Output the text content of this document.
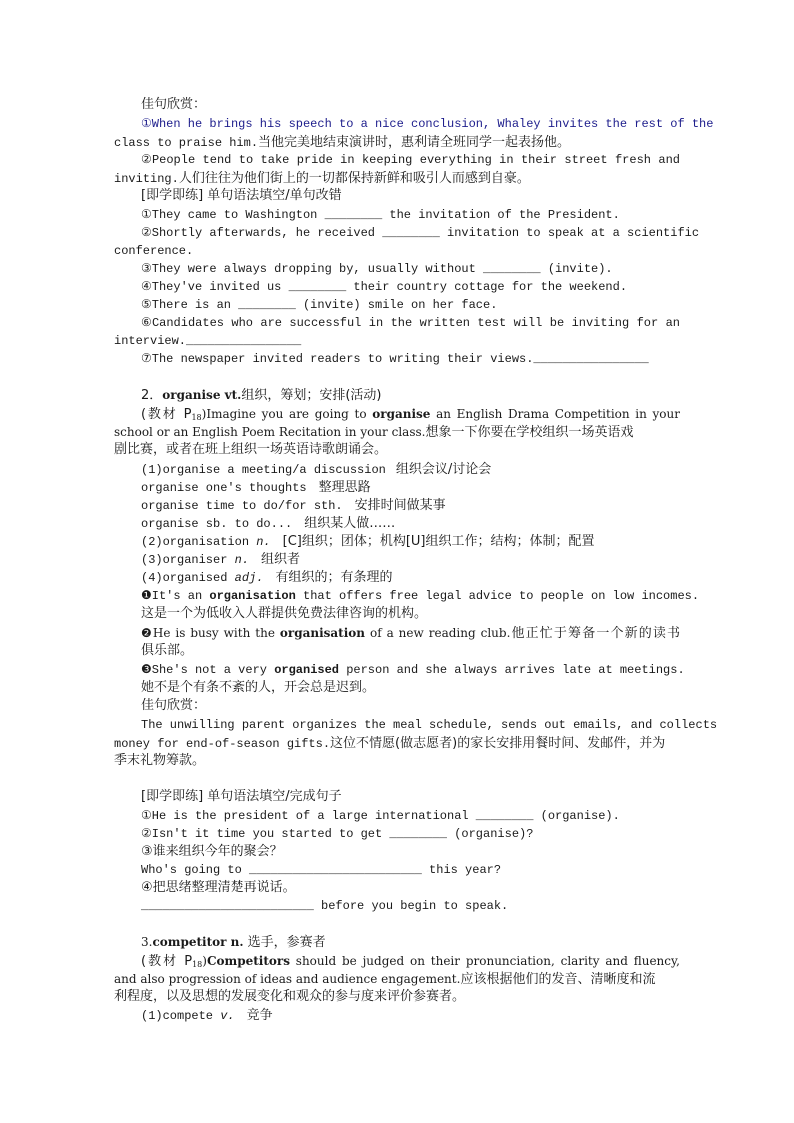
佳句欣赏：
①When he brings his speech to a nice conclusion, Whaley invites the rest of the
class to praise him.当他完美地结束演讲时，惠利请全班同学一起表扬他。
②People tend to take pride in keeping everything in their street fresh and
inviting.人们往往为他们街上的一切都保持新鲜和吸引人而感到自豪。
[即学即练] 单句语法填空/单句改错
①They came to Washington ________ the invitation of the President.
②Shortly afterwards, he received ________ invitation to speak at a scientific
conference.
③They were always dropping by, usually without ________ (invite).
④They've invited us ________ their country cottage for the weekend.
⑤There is an ________ (invite) smile on her face.
⑥Candidates who are successful in the written test will be inviting for an
interview.________________
⑦The newspaper invited readers to writing their views.________________
2．organise vt.组织，筹划；安排(活动)
(教材 $P_{18})Imagine$ you are going to organise an English Drama Competition in your
school or an English Poem Recitation in your class.想象一下你要在学校组织一场英语戏
剧比赛，或者在班上组织一场英语诗歌朗诵会。
(1)organise a meeting/a discussion 组织会议/讨论会
organise one's thoughts 整理思路
organise time to do/for sth. 安排时间做某事
organise sb. to do... 组织某人做……
(2)organisation n. [C]组织；团体；机构[U]组织工作；结构；体制；配置
(3)organiser n. 组织者
(4)organised adj. 有组织的；有条理的
❶It's an organisation that offers free legal advice to people on low incomes.
这是一个为低收入人群提供免费法律咨询的机构。
❷He is busy with the organisation of a new reading club.他正忙于筹备一个新的读书
俱乐部。
❸She's not a very organised person and she always arrives late at meetings.
她不是个有条不紊的人，开会总是迟到。
佳句欣赏：
The unwilling parent organizes the meal schedule, sends out emails, and collects
money for end-of-season gifts.这位不情愿(做志愿者)的家长安排用餐时间、发邮件，并为
季末礼物筹款。
[即学即练] 单句语法填空/完成句子
①He is the president of a large international ________ (organise).
②Isn't it time you started to get ________ (organise)?
③谁来组织今年的聚会？
Who's going to ________________________ this year?
④把思绪整理清楚再说话。
________________________ before you begin to speak.
3.competitor n. 选手，参赛者
(教材 $P_{18})Competitors$ should be judged on their pronunciation, clarity and fluency,
and also progression of ideas and audience engagement.应该根据他们的发音、清晰度和流
利程度，以及思想的发展变化和观众的参与度来评价参赛者。
(1)compete v. 竞争
